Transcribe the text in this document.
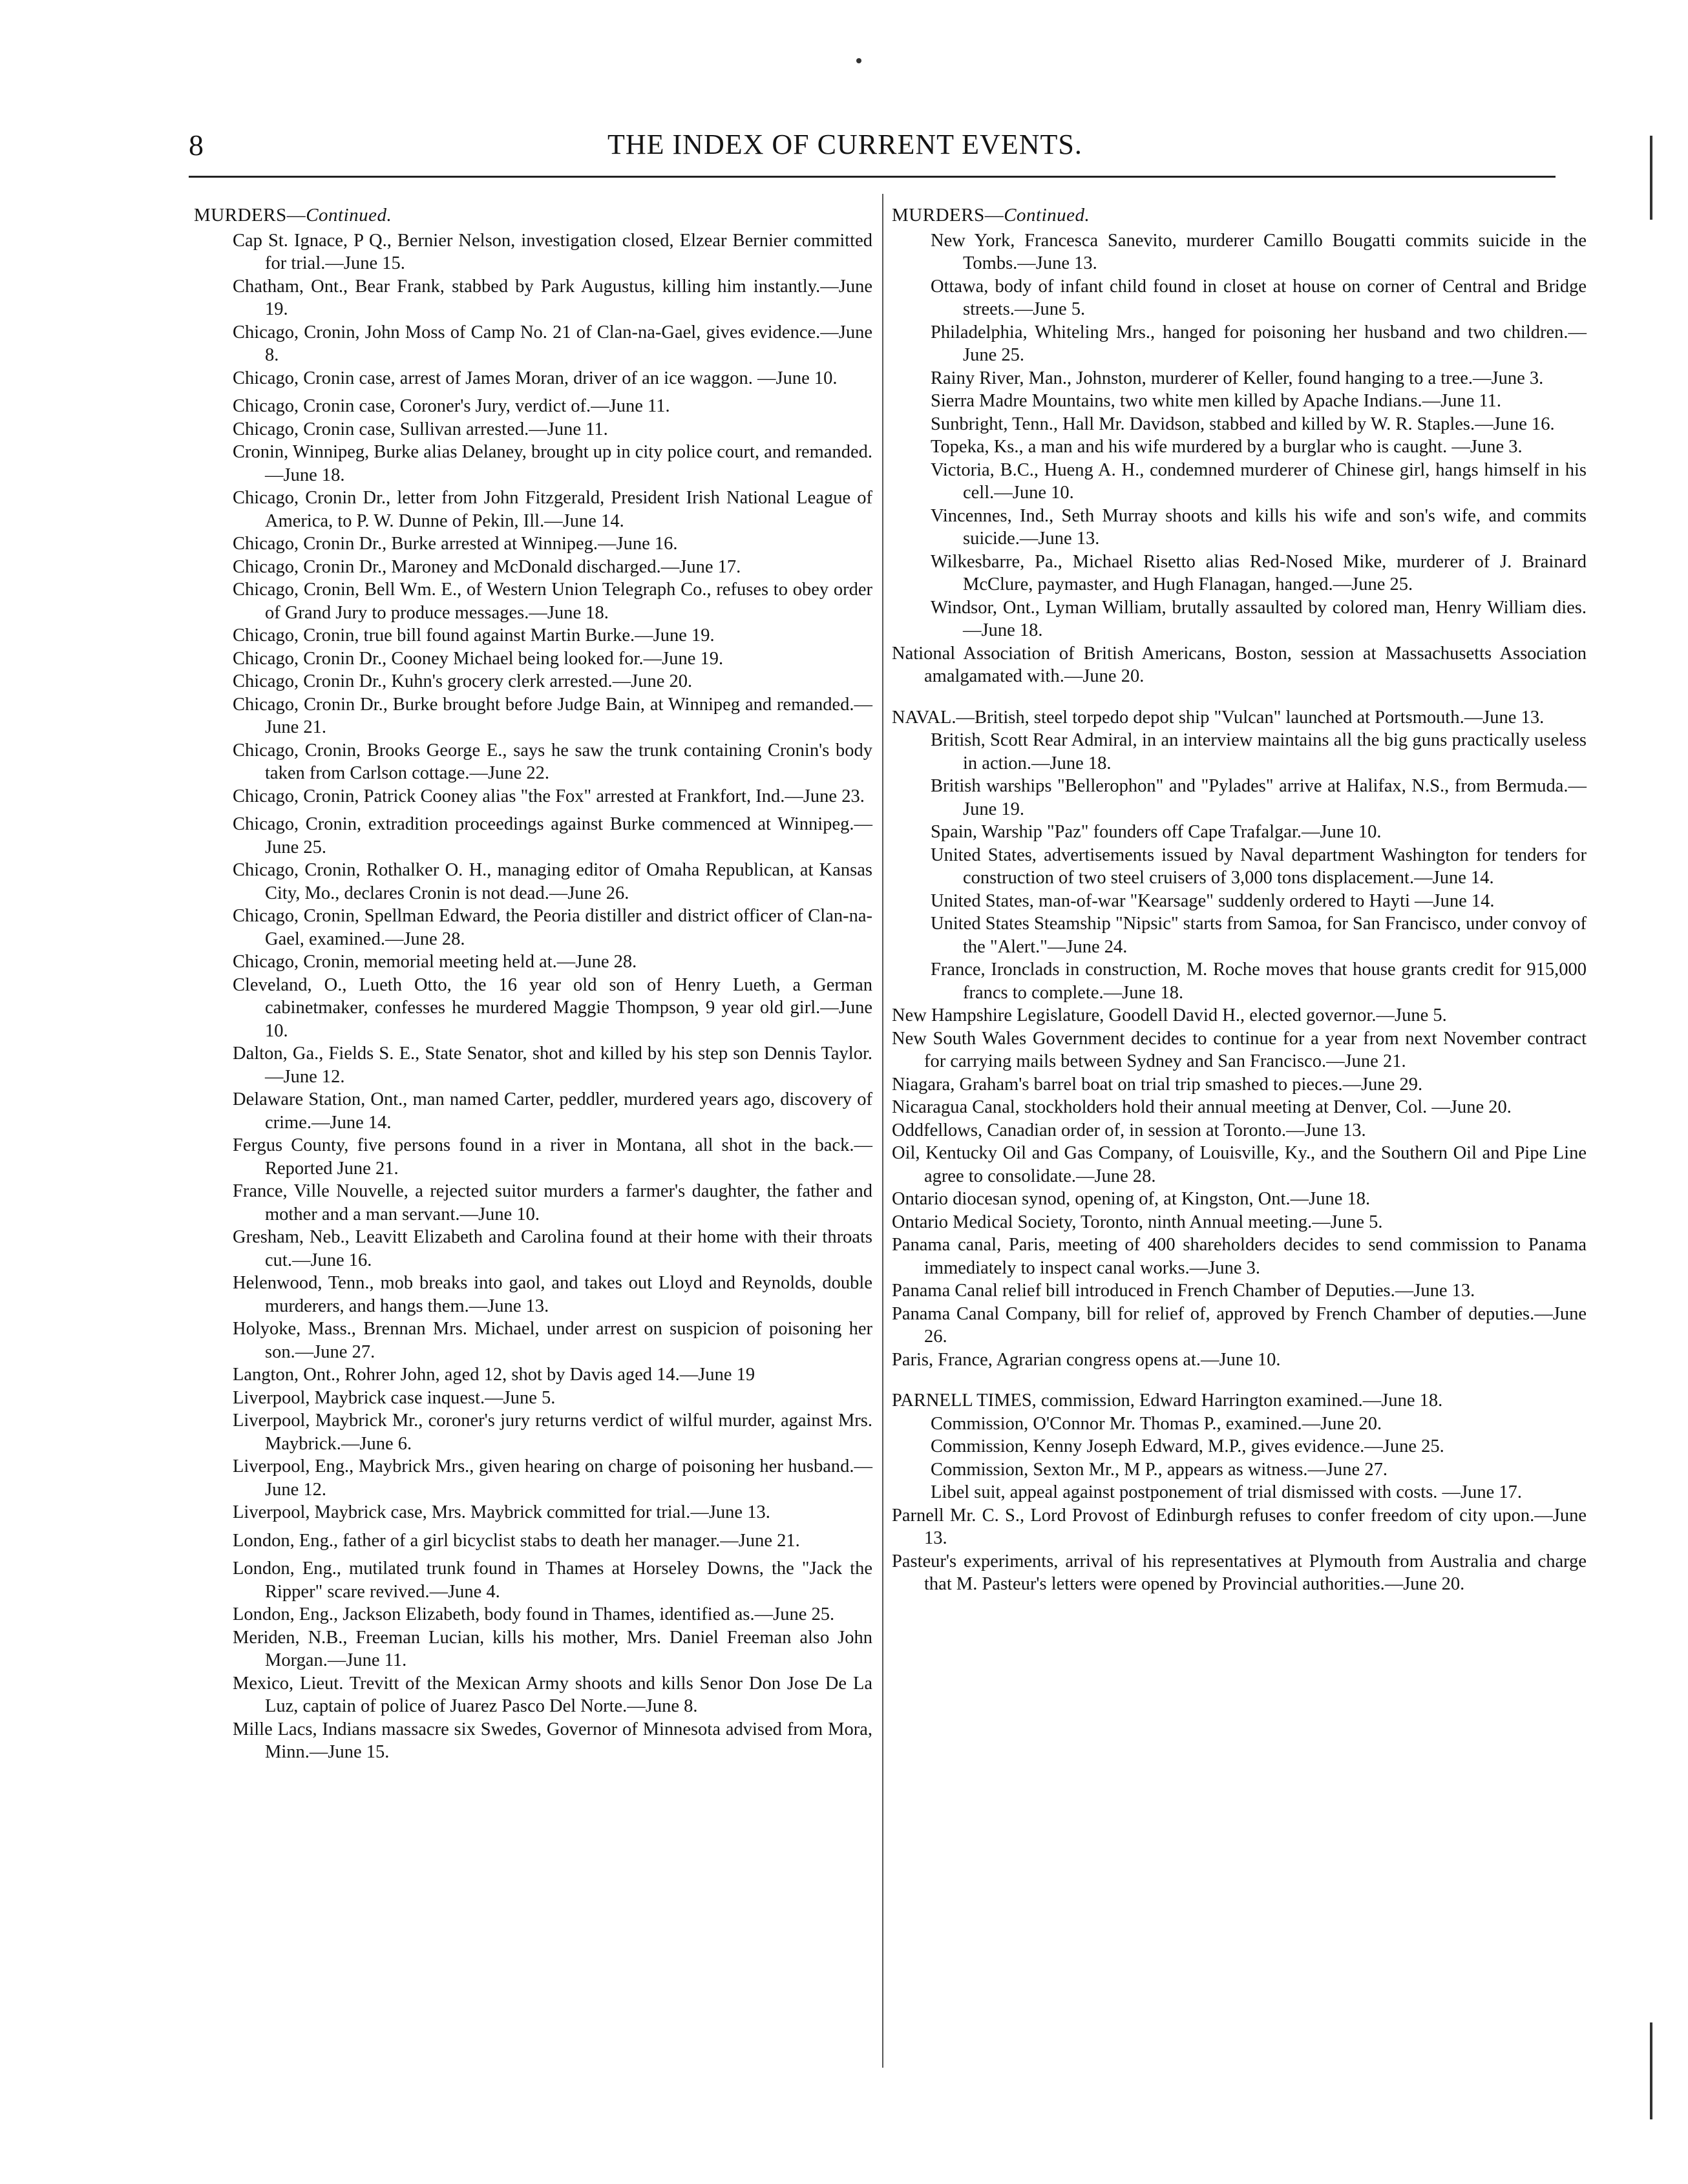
8	THE INDEX OF CURRENT EVENTS.
MURDERS—Continued.
Cap St. Ignace, P Q., Bernier Nelson, investigation closed, Elzear Bernier committed for trial.—June 15.
Chatham, Ont., Bear Frank, stabbed by Park Augustus, killing him instantly.—June 19.
Chicago, Cronin, John Moss of Camp No. 21 of Clan-na-Gael, gives evidence.—June 8.
Chicago, Cronin case, arrest of James Moran, driver of an ice waggon. —June 10.
Chicago, Cronin case, Coroner's Jury, verdict of.—June 11.
Chicago, Cronin case, Sullivan arrested.—June 11.
Cronin, Winnipeg, Burke alias Delaney, brought up in city police court, and remanded.—June 18.
Chicago, Cronin Dr., letter from John Fitzgerald, President Irish National League of America, to P. W. Dunne of Pekin, Ill.—June 14.
Chicago, Cronin Dr., Burke arrested at Winnipeg.—June 16.
Chicago, Cronin Dr., Maroney and McDonald discharged.—June 17.
Chicago, Cronin, Bell Wm. E., of Western Union Telegraph Co., refuses to obey order of Grand Jury to produce messages.—June 18.
Chicago, Cronin, true bill found against Martin Burke.—June 19.
Chicago, Cronin Dr., Cooney Michael being looked for.—June 19.
Chicago, Cronin Dr., Kuhn's grocery clerk arrested.—June 20.
Chicago, Cronin Dr., Burke brought before Judge Bain, at Winnipeg and remanded.—June 21.
Chicago, Cronin, Brooks George E., says he saw the trunk containing Cronin's body taken from Carlson cottage.—June 22.
Chicago, Cronin, Patrick Cooney alias "the Fox" arrested at Frankfort, Ind.—June 23.
Chicago, Cronin, extradition proceedings against Burke commenced at Winnipeg.—June 25.
Chicago, Cronin, Rothalker O. H., managing editor of Omaha Republican, at Kansas City, Mo., declares Cronin is not dead.—June 26.
Chicago, Cronin, Spellman Edward, the Peoria distiller and district officer of Clan-na-Gael, examined.—June 28.
Chicago, Cronin, memorial meeting held at.—June 28.
Cleveland, O., Lueth Otto, the 16 year old son of Henry Lueth, a German cabinetmaker, confesses he murdered Maggie Thompson, 9 year old girl.—June 10.
Dalton, Ga., Fields S. E., State Senator, shot and killed by his step son Dennis Taylor.—June 12.
Delaware Station, Ont., man named Carter, peddler, murdered years ago, discovery of crime.—June 14.
Fergus County, five persons found in a river in Montana, all shot in the back.—Reported June 21.
France, Ville Nouvelle, a rejected suitor murders a farmer's daughter, the father and mother and a man servant.—June 10.
Gresham, Neb., Leavitt Elizabeth and Carolina found at their home with their throats cut.—June 16.
Helenwood, Tenn., mob breaks into gaol, and takes out Lloyd and Reynolds, double murderers, and hangs them.—June 13.
Holyoke, Mass., Brennan Mrs. Michael, under arrest on suspicion of poisoning her son.—June 27.
Langton, Ont., Rohrer John, aged 12, shot by Davis aged 14.—June 19
Liverpool, Maybrick case inquest.—June 5.
Liverpool, Maybrick Mr., coroner's jury returns verdict of wilful murder, against Mrs. Maybrick.—June 6.
Liverpool, Eng., Maybrick Mrs., given hearing on charge of poisoning her husband.—June 12.
Liverpool, Maybrick case, Mrs. Maybrick committed for trial.—June 13.
London, Eng., father of a girl bicyclist stabs to death her manager.—June 21.
London, Eng., mutilated trunk found in Thames at Horseley Downs, the "Jack the Ripper" scare revived.—June 4.
London, Eng., Jackson Elizabeth, body found in Thames, identified as.—June 25.
Meriden, N.B., Freeman Lucian, kills his mother, Mrs. Daniel Freeman also John Morgan.—June 11.
Mexico, Lieut. Trevitt of the Mexican Army shoots and kills Senor Don Jose De La Luz, captain of police of Juarez Pasco Del Norte.—June 8.
Mille Lacs, Indians massacre six Swedes, Governor of Minnesota advised from Mora, Minn.—June 15.
MURDERS—Continued.
New York, Francesca Sanevito, murderer Camillo Bougatti commits suicide in the Tombs.—June 13.
Ottawa, body of infant child found in closet at house on corner of Central and Bridge streets.—June 5.
Philadelphia, Whiteling Mrs., hanged for poisoning her husband and two children.—June 25.
Rainy River, Man., Johnston, murderer of Keller, found hanging to a tree.—June 3.
Sierra Madre Mountains, two white men killed by Apache Indians.—June 11.
Sunbright, Tenn., Hall Mr. Davidson, stabbed and killed by W. R. Staples.—June 16.
Topeka, Ks., a man and his wife murdered by a burglar who is caught. —June 3.
Victoria, B.C., Hueng A. H., condemned murderer of Chinese girl, hangs himself in his cell.—June 10.
Vincennes, Ind., Seth Murray shoots and kills his wife and son's wife, and commits suicide.—June 13.
Wilkesbarre, Pa., Michael Risetto alias Red-Nosed Mike, murderer of J. Brainard McClure, paymaster, and Hugh Flanagan, hanged.—June 25.
Windsor, Ont., Lyman William, brutally assaulted by colored man, Henry William dies.—June 18.
National Association of British Americans, Boston, session at Massachusetts Association amalgamated with.—June 20.
NAVAL.—British, steel torpedo depot ship "Vulcan" launched at Portsmouth.—June 13.
British, Scott Rear Admiral, in an interview maintains all the big guns practically useless in action.—June 18.
British warships "Bellerophon" and "Pylades" arrive at Halifax, N.S., from Bermuda.—June 19.
Spain, Warship "Paz" founders off Cape Trafalgar.—June 10.
United States, advertisements issued by Naval department Washington for tenders for construction of two steel cruisers of 3,000 tons displacement.—June 14.
United States, man-of-war "Kearsage" suddenly ordered to Hayti —June 14.
United States Steamship "Nipsic" starts from Samoa, for San Francisco, under convoy of the "Alert."—June 24.
France, Ironclads in construction, M. Roche moves that house grants credit for 915,000 francs to complete.—June 18.
New Hampshire Legislature, Goodell David H., elected governor.—June 5.
New South Wales Government decides to continue for a year from next November contract for carrying mails between Sydney and San Francisco.—June 21.
Niagara, Graham's barrel boat on trial trip smashed to pieces.—June 29.
Nicaragua Canal, stockholders hold their annual meeting at Denver, Col. —June 20.
Oddfellows, Canadian order of, in session at Toronto.—June 13.
Oil, Kentucky Oil and Gas Company, of Louisville, Ky., and the Southern Oil and Pipe Line agree to consolidate.—June 28.
Ontario diocesan synod, opening of, at Kingston, Ont.—June 18.
Ontario Medical Society, Toronto, ninth Annual meeting.—June 5.
Panama canal, Paris, meeting of 400 shareholders decides to send commission to Panama immediately to inspect canal works.—June 3.
Panama Canal relief bill introduced in French Chamber of Deputies.—June 13.
Panama Canal Company, bill for relief of, approved by French Chamber of deputies.—June 26.
Paris, France, Agrarian congress opens at.—June 10.
PARNELL TIMES, commission, Edward Harrington examined.—June 18.
Commission, O'Connor Mr. Thomas P., examined.—June 20.
Commission, Kenny Joseph Edward, M.P., gives evidence.—June 25.
Commission, Sexton Mr., M P., appears as witness.—June 27.
Libel suit, appeal against postponement of trial dismissed with costs. —June 17.
Parnell Mr. C. S., Lord Provost of Edinburgh refuses to confer freedom of city upon.—June 13.
Pasteur's experiments, arrival of his representatives at Plymouth from Australia and charge that M. Pasteur's letters were opened by Provincial authorities.—June 20.
